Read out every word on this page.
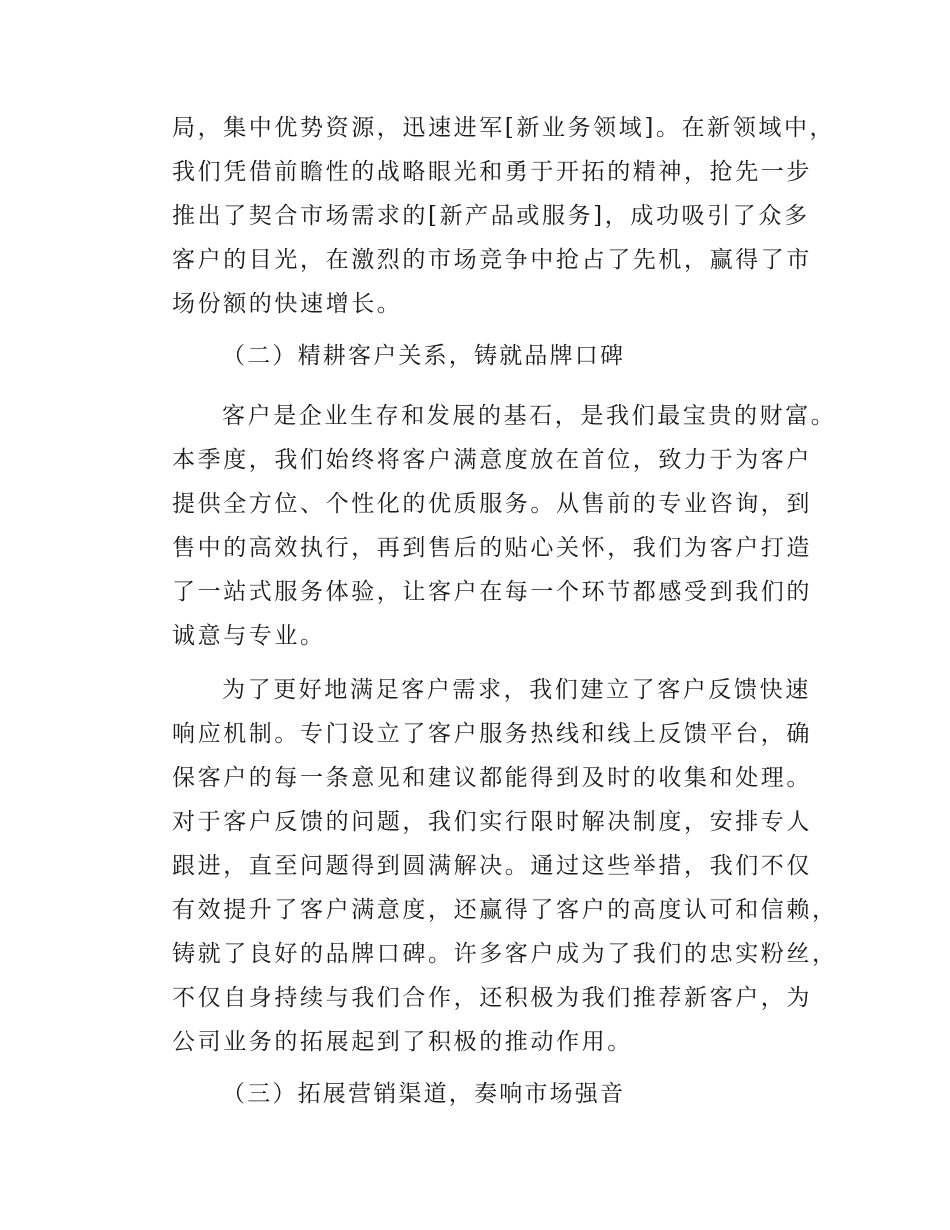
局，集中优势资源，迅速进军[新业务领域]。在新领域中，
我们凭借前瞻性的战略眼光和勇于开拓的精神，抢先一步
推出了契合市场需求的[新产品或服务]，成功吸引了众多
客户的目光，在激烈的市场竞争中抢占了先机，赢得了市
场份额的快速增长。
（二）精耕客户关系，铸就品牌口碑
客户是企业生存和发展的基石，是我们最宝贵的财富。
本季度，我们始终将客户满意度放在首位，致力于为客户
提供全方位、个性化的优质服务。从售前的专业咨询，到
售中的高效执行，再到售后的贴心关怀，我们为客户打造
了一站式服务体验，让客户在每一个环节都感受到我们的
诚意与专业。
为了更好地满足客户需求，我们建立了客户反馈快速
响应机制。专门设立了客户服务热线和线上反馈平台，确
保客户的每一条意见和建议都能得到及时的收集和处理。
对于客户反馈的问题，我们实行限时解决制度，安排专人
跟进，直至问题得到圆满解决。通过这些举措，我们不仅
有效提升了客户满意度，还赢得了客户的高度认可和信赖，
铸就了良好的品牌口碑。许多客户成为了我们的忠实粉丝，
不仅自身持续与我们合作，还积极为我们推荐新客户，为
公司业务的拓展起到了积极的推动作用。
（三）拓展营销渠道，奏响市场强音
